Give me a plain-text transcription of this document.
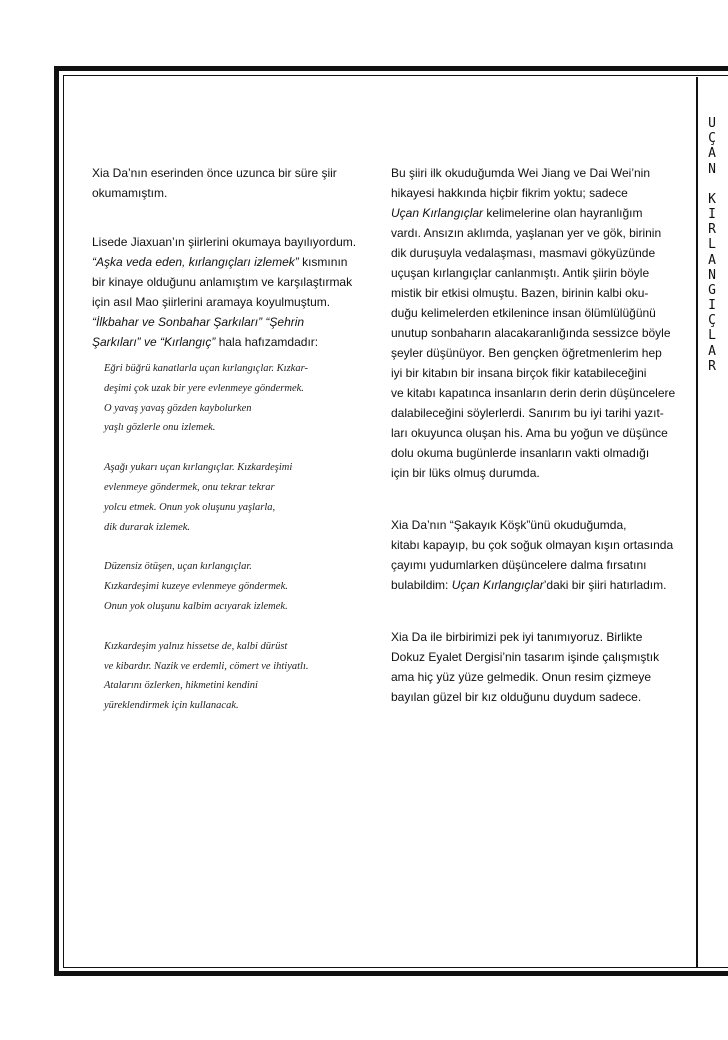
U
Ç
A
N
K
I
R
L
A
N
G
I
Ç
L
A
R
Xia Da’nın eserinden önce uzunca bir süre şiir
okumamıştım.
Lisede Jiaxuan’ın şiirlerini okumaya bayılıyordum.
“Aşka veda eden, kırlangıçları izlemek” kısmının
bir kinaye olduğunu anlamıştım ve karşılaştırmak
için asıl Mao şiirlerini aramaya koyulmuştum.
“İlkbahar ve Sonbahar Şarkıları” “Şehrin
Şarkıları” ve “Kırlangıç” hala hafızamdadır:
Eğri büğrü kanatlarla uçan kırlangıçlar. Kızkar-
deşimi çok uzak bir yere evlenmeye göndermek.
O yavaş yavaş gözden kaybolurken
yaşlı gözlerle onu izlemek.
Aşağı yukarı uçan kırlangıçlar. Kızkardeşimi
evlenmeye göndermek, onu tekrar tekrar
yolcu etmek. Onun yok oluşunu yaşlarla,
dik durarak izlemek.
Düzensiz ötüşen, uçan kırlangıçlar.
Kızkardeşimi kuzeye evlenmeye göndermek.
Onun yok oluşunu kalbim acıyarak izlemek.
Kızkardeşim yalnız hissetse de, kalbi dürüst
ve kibardır. Nazik ve erdemli, cömert ve ihtiyatlı.
Atalarını özlerken, hikmetini kendini
yüreklendirmek için kullanacak.
Bu şiiri ilk okuduğumda Wei Jiang ve Dai Wei’nin
hikayesi hakkında hiçbir fikrim yoktu; sadece
Uçan Kırlangıçlar kelimelerine olan hayranlığım
vardı. Ansızın aklımda, yaşlanan yer ve gök, birinin
dik duruşuyla vedalaşması, masmavi gökyüzünde
uçuşan kırlangıçlar canlanmıştı. Antik şiirin böyle
mistik bir etkisi olmuştu. Bazen, birinin kalbi oku-
duğu kelimelerden etkilenince insan ölümlülüğünü
unutup sonbaharın alacakaranlığında sessizce böyle
şeyler düşünüyor. Ben gençken öğretmenlerim hep
iyi bir kitabın bir insana birçok fikir katabileceğini
ve kitabı kapatınca insanların derin derin düşüncelere
dalabileceğini söylerlerdi. Sanırım bu iyi tarihi yazıt-
ları okuyunca oluşan his. Ama bu yoğun ve düşünce
dolu okuma bugünlerde insanların vakti olmadığı
için bir lüks olmuş durumda.
Xia Da’nın “Şakayık Köşk”ünü okuduğumda,
kitabı kapayıp, bu çok soğuk olmayan kışın ortasında
çayımı yudumlarken düşüncelere dalma fırsatını
bulabildim: Uçan Kırlangıçlar’daki bir şiiri hatırladım.
Xia Da ile birbirimizi pek iyi tanımıyoruz. Birlikte
Dokuz Eyalet Dergisi’nin tasarım işinde çalışmıştık
ama hiç yüz yüze gelmedik. Onun resim çizmeye
bayılan güzel bir kız olduğunu duydum sadece.
